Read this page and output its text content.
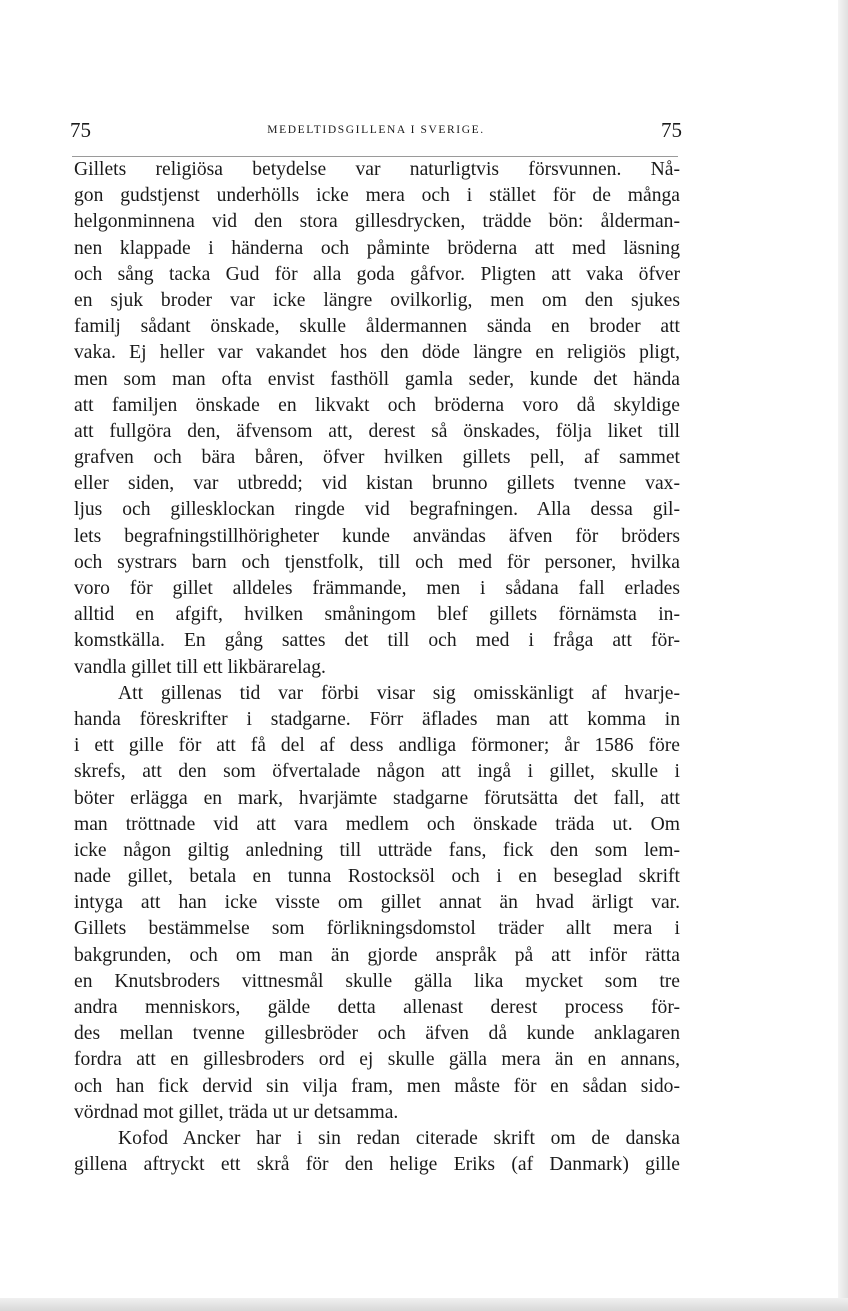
75	MEDELTIDSGILLENA I SVERIGE.	75
Gillets religiösa betydelse var naturligtvis försvunnen. Nå-
gon gudstjenst underhölls icke mera och i stället för de många
helgonminnena vid den stora gillesdrycken, trädde bön: ålderman-
nen klappade i händerna och påminte bröderna att med läsning
och sång tacka Gud för alla goda gåfvor. Pligten att vaka öfver
en sjuk broder var icke längre ovilkorlig, men om den sjukes
familj sådant önskade, skulle åldermannen sända en broder att
vaka. Ej heller var vakandet hos den döde längre en religiös pligt,
men som man ofta envist fasthöll gamla seder, kunde det hända
att familjen önskade en likvakt och bröderna voro då skyldige
att fullgöra den, äfvensom att, derest så önskades, följa liket till
grafven och bära båren, öfver hvilken gillets pell, af sammet
eller siden, var utbredd; vid kistan brunno gillets tvenne vax-
ljus och gillesklockan ringde vid begrafningen. Alla dessa gil-
lets begrafningstillhörigheter kunde användas äfven för bröders
och systrars barn och tjenstfolk, till och med för personer, hvilka
voro för gillet alldeles främmande, men i sådana fall erlades
alltid en afgift, hvilken småningom blef gillets förnämsta in-
komstkälla. En gång sattes det till och med i fråga att för-
vandla gillet till ett likbärarelag.
Att gillenas tid var förbi visar sig omisskänligt af hvarje-
handa föreskrifter i stadgarne. Förr äflades man att komma in
i ett gille för att få del af dess andliga förmoner; år 1586 före
skrefs, att den som öfvertalade någon att ingå i gillet, skulle i
böter erlägga en mark, hvarjämte stadgarne förutsätta det fall, att
man tröttnade vid att vara medlem och önskade träda ut. Om
icke någon giltig anledning till utträde fans, fick den som lem-
nade gillet, betala en tunna Rostocksöl och i en beseglad skrift
intyga att han icke visste om gillet annat än hvad ärligt var.
Gillets bestämmelse som förlikningsdomstol träder allt mera i
bakgrunden, och om man än gjorde anspråk på att inför rätta
en Knutsbroders vittnesmål skulle gälla lika mycket som tre
andra menniskors, gälde detta allenast derest process för-
des mellan tvenne gillesbröder och äfven då kunde anklagaren
fordra att en gillesbroders ord ej skulle gälla mera än en annans,
och han fick dervid sin vilja fram, men måste för en sådan sido-
vördnad mot gillet, träda ut ur detsamma.
Kofod Ancker har i sin redan citerade skrift om de danska
gillena aftryckt ett skrå för den helige Eriks (af Danmark) gille
